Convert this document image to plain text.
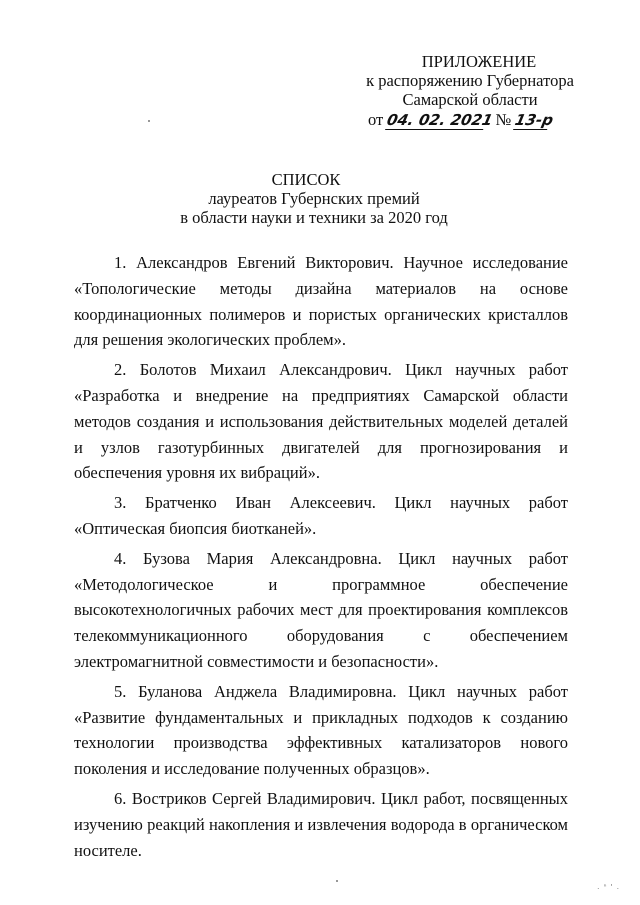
ПРИЛОЖЕНИЕ
к распоряжению Губернатора
Самарской области
от 04. 02. 2021 № 13-р
СПИСОК
лауреатов Губернских премий
в области науки и техники за 2020 год

1. Александров Евгений Викторович. Научное исследование «Топологические методы дизайна материалов на основе координационных полимеров и пористых органических кристаллов для решения экологических проблем».

2. Болотов Михаил Александрович. Цикл научных работ «Разработка и внедрение на предприятиях Самарской области методов создания и использования действительных моделей деталей и узлов газотурбинных двигателей для прогнозирования и обеспечения уровня их вибраций».

3. Братченко Иван Алексеевич. Цикл научных работ «Оптическая биопсия биотканей».

4. Бузова Мария Александровна. Цикл научных работ «Методологическое и программное обеспечение высокотехнологичных рабочих мест для проектирования комплексов телекоммуникационного оборудования с обеспечением электромагнитной совместимости и безопасности».

5. Буланова Анджела Владимировна. Цикл научных работ «Развитие фундаментальных и прикладных подходов к созданию технологии производства эффективных катализаторов нового поколения и исследование полученных образцов».

6. Востриков Сергей Владимирович. Цикл работ, посвященных изучению реакций накопления и извлечения водорода в органическом носителе.

. ⁿ ' .
